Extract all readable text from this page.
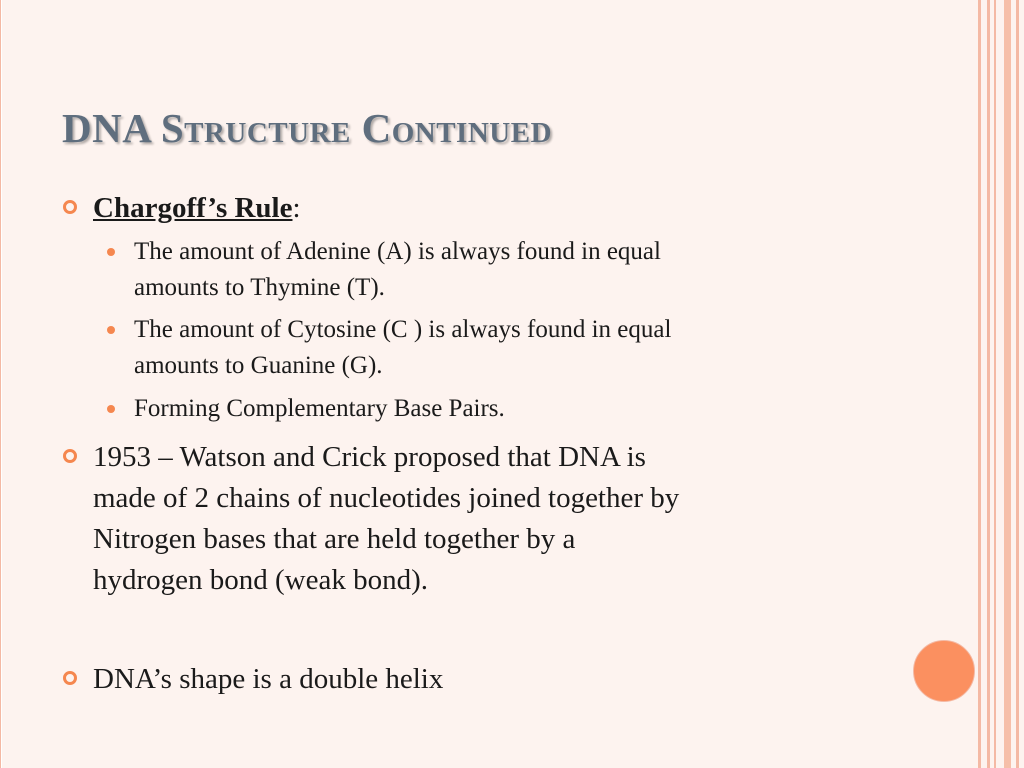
DNA Structure Continued
Chargoff’s Rule:
The amount of Adenine (A) is always found in equal
amounts to Thymine (T).
The amount of Cytosine (C ) is always found in equal
amounts to Guanine (G).
Forming Complementary Base Pairs.
1953 – Watson and Crick proposed that DNA is
made of 2 chains of nucleotides joined together by
Nitrogen bases that are held together by a
hydrogen bond (weak bond).
DNA’s shape is a double helix
